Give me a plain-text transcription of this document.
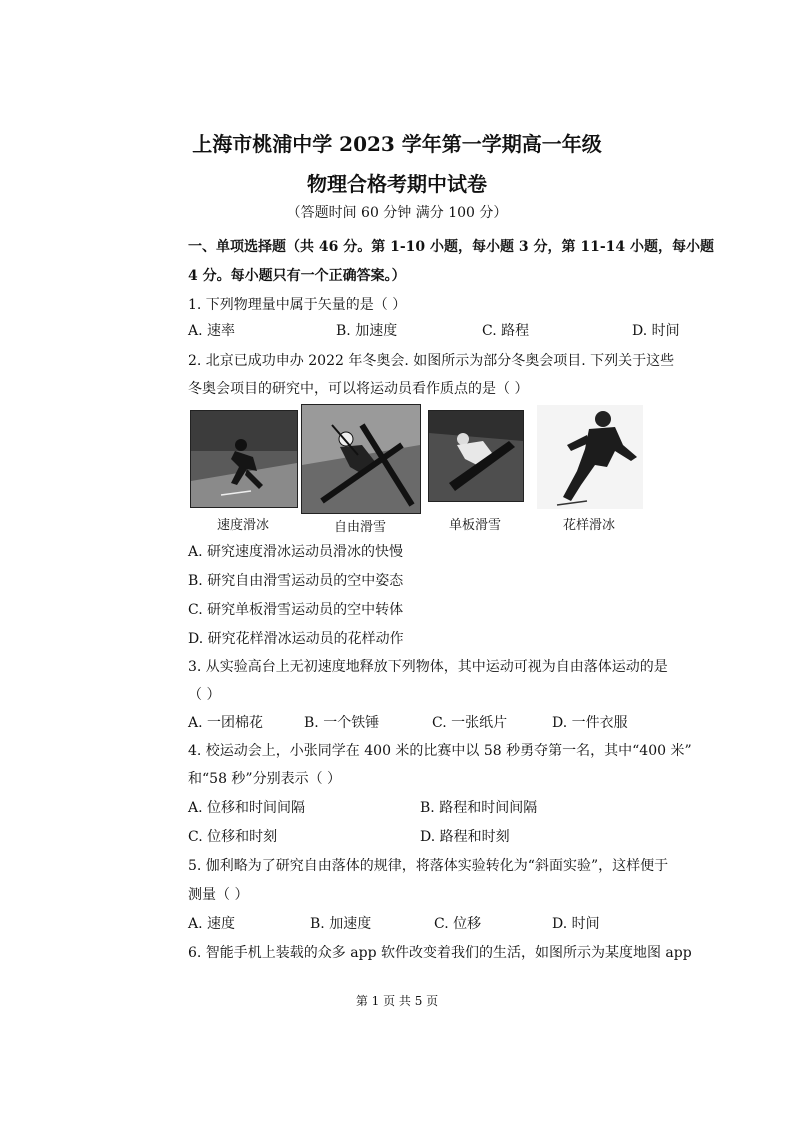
上海市桃浦中学 2023 学年第一学期高一年级
物理合格考期中试卷
（答题时间 60 分钟 满分 100 分）
一、单项选择题（共 46 分。第 1-10 小题，每小题 3 分，第 11-14 小题，每小题
4 分。每小题只有一个正确答案。）
1. 下列物理量中属于矢量的是（ ）
A. 速率	B. 加速度	C. 路程	D. 时间
2. 北京已成功申办 2022 年冬奥会. 如图所示为部分冬奥会项目. 下列关于这些
冬奥会项目的研究中，可以将运动员看作质点的是（ ）
速度滑冰	自由滑雪	单板滑雪	花样滑冰
A. 研究速度滑冰运动员滑冰的快慢
B. 研究自由滑雪运动员的空中姿态
C. 研究单板滑雪运动员的空中转体
D. 研究花样滑冰运动员的花样动作
3. 从实验高台上无初速度地释放下列物体，其中运动可视为自由落体运动的是
（ ）
A. 一团棉花	B. 一个铁锤	C. 一张纸片	D. 一件衣服
4. 校运动会上，小张同学在 400 米的比赛中以 58 秒勇夺第一名，其中“400 米”
和“58 秒”分别表示（ ）
A. 位移和时间间隔	B. 路程和时间间隔
C. 位移和时刻	D. 路程和时刻
5. 伽利略为了研究自由落体的规律，将落体实验转化为“斜面实验”，这样便于
测量（ ）
A. 速度	B. 加速度	C. 位移	D. 时间
6. 智能手机上装载的众多 app 软件改变着我们的生活，如图所示为某度地图 app
第 1 页 共 5 页
